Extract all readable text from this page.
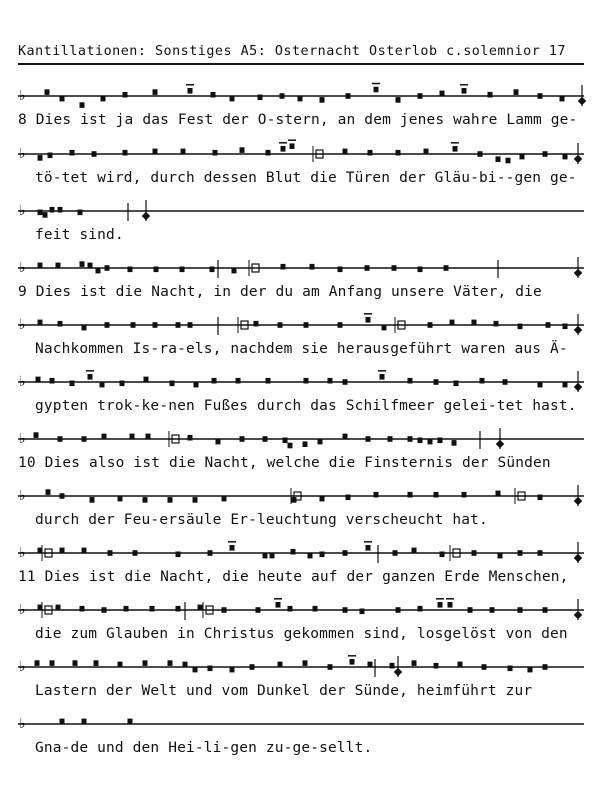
Kantillationen: Sonstiges A5: Osternacht Osterlob c.solemnior 17
♭
8 Dies ist ja das Fest der O-stern, an dem jenes wahre Lamm ge-
♭
tö-tet wird, durch dessen Blut die Türen der Gläu-bi--gen ge-
♭
feit sind.
♭
9 Dies ist die Nacht, in der du am Anfang unsere Väter, die
♭
Nachkommen Is-ra-els, nachdem sie herausgeführt waren aus Ä-
♭
gypten trok-ke-nen Fußes durch das Schilfmeer gelei-tet hast.
♭
10 Dies also ist die Nacht, welche die Finsternis der Sünden
♭
durch der Feu-ersäule Er-leuchtung verscheucht hat.
♭
11 Dies ist die Nacht, die heute auf der ganzen Erde Menschen,
♭
die zum Glauben in Christus gekommen sind, losgelöst von den
♭
Lastern der Welt und vom Dunkel der Sünde, heimführt zur
♭
Gna-de und den Hei-li-gen zu-ge-sellt.
